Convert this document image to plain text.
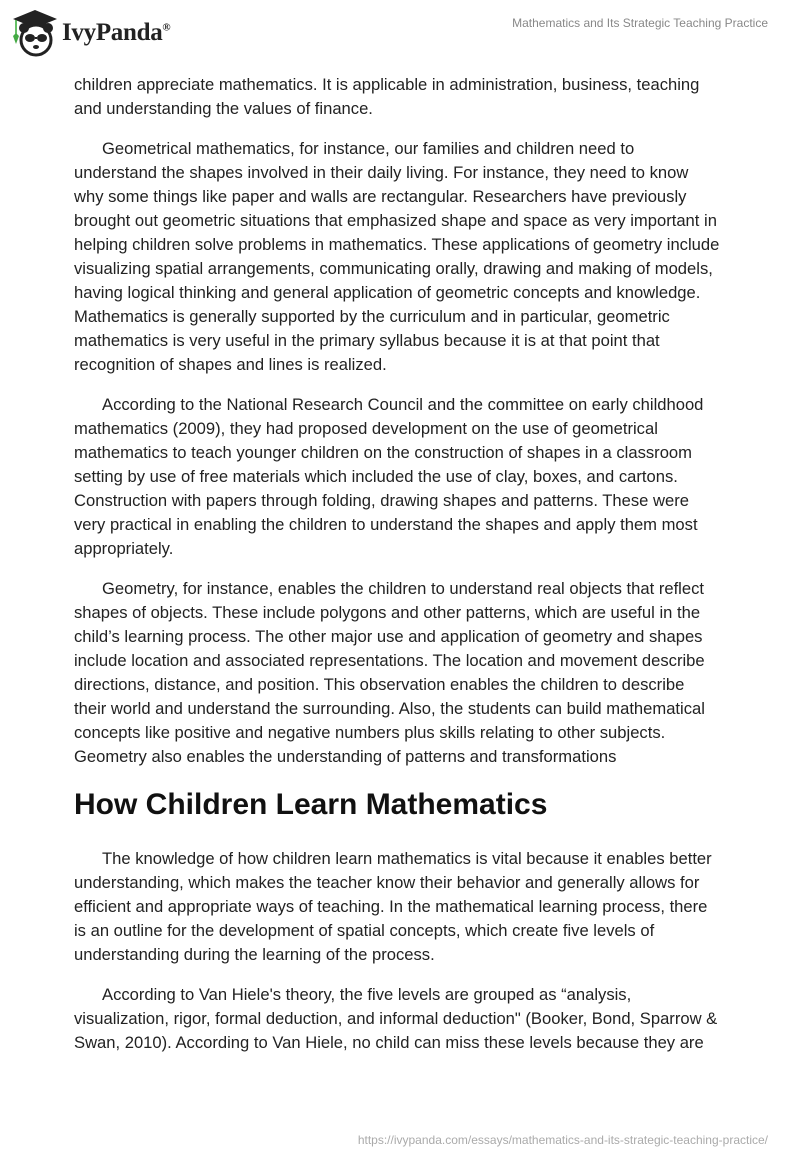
IvyPanda®	Mathematics and Its Strategic Teaching Practice

children appreciate mathematics. It is applicable in administration, business, teaching
and understanding the values of finance.

Geometrical mathematics, for instance, our families and children need to
understand the shapes involved in their daily living. For instance, they need to know
why some things like paper and walls are rectangular. Researchers have previously
brought out geometric situations that emphasized shape and space as very important in
helping children solve problems in mathematics. These applications of geometry include
visualizing spatial arrangements, communicating orally, drawing and making of models,
having logical thinking and general application of geometric concepts and knowledge.
Mathematics is generally supported by the curriculum and in particular, geometric
mathematics is very useful in the primary syllabus because it is at that point that
recognition of shapes and lines is realized.

According to the National Research Council and the committee on early childhood
mathematics (2009), they had proposed development on the use of geometrical
mathematics to teach younger children on the construction of shapes in a classroom
setting by use of free materials which included the use of clay, boxes, and cartons.
Construction with papers through folding, drawing shapes and patterns. These were
very practical in enabling the children to understand the shapes and apply them most
appropriately.

Geometry, for instance, enables the children to understand real objects that reflect
shapes of objects. These include polygons and other patterns, which are useful in the
child’s learning process. The other major use and application of geometry and shapes
include location and associated representations. The location and movement describe
directions, distance, and position. This observation enables the children to describe
their world and understand the surrounding. Also, the students can build mathematical
concepts like positive and negative numbers plus skills relating to other subjects.
Geometry also enables the understanding of patterns and transformations

How Children Learn Mathematics

The knowledge of how children learn mathematics is vital because it enables better
understanding, which makes the teacher know their behavior and generally allows for
efficient and appropriate ways of teaching. In the mathematical learning process, there
is an outline for the development of spatial concepts, which create five levels of
understanding during the learning of the process.

According to Van Hiele's theory, the five levels are grouped as “analysis,
visualization, rigor, formal deduction, and informal deduction" (Booker, Bond, Sparrow &
Swan, 2010). According to Van Hiele, no child can miss these levels because they are

https://ivypanda.com/essays/mathematics-and-its-strategic-teaching-practice/
